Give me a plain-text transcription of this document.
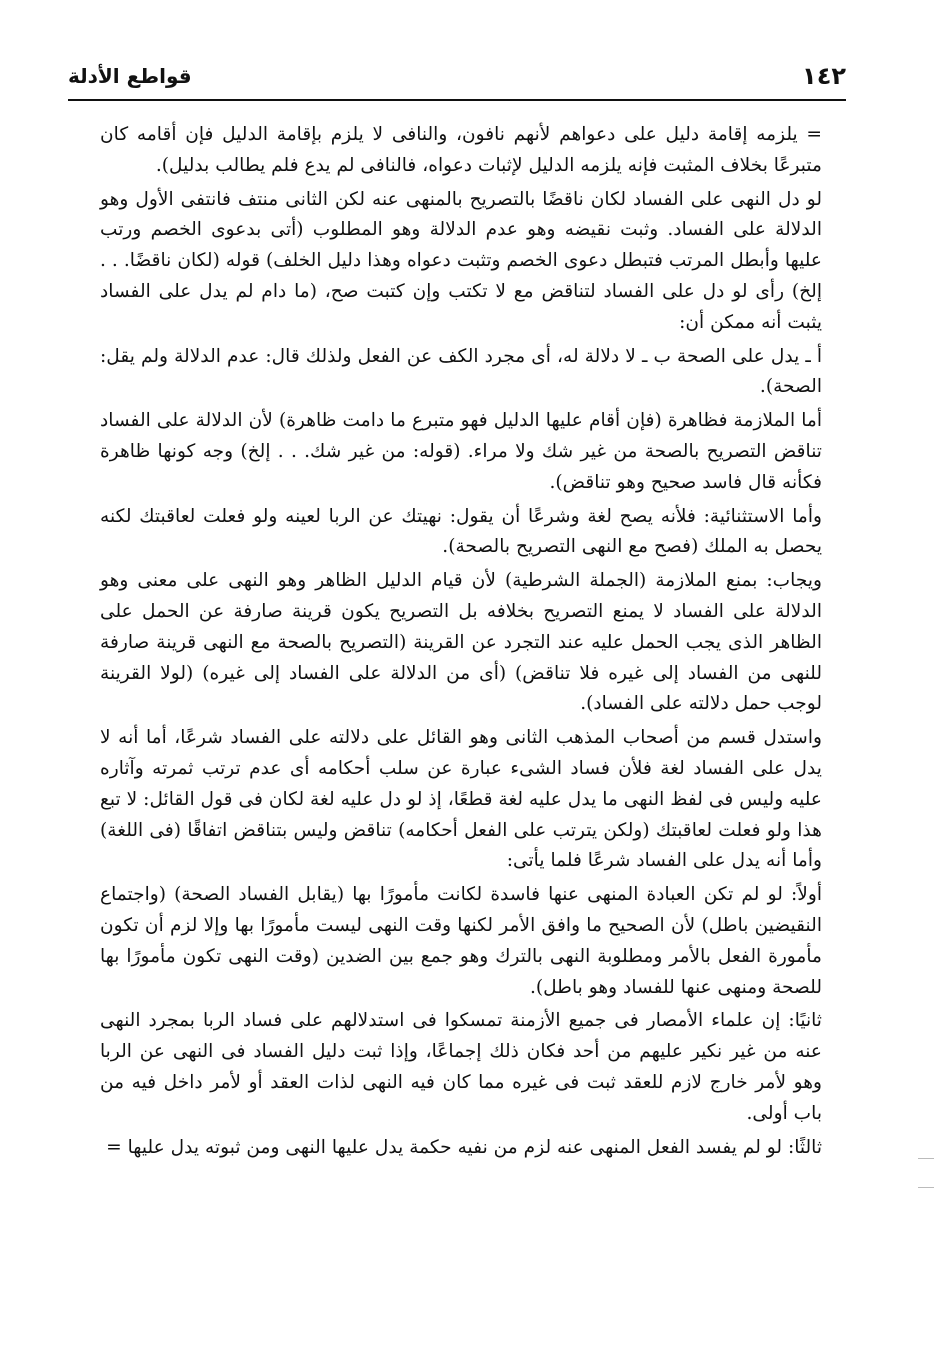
١٤٢
قواطع الأدلة

= يلزمه إقامة دليل على دعواهم لأنهم نافون، والنافى لا يلزم بإقامة الدليل فإن أقامه كان متبرعًا بخلاف المثبت فإنه يلزمه الدليل لإثبات دعواه، فالنافى لم يدع فلم يطالب بدليل).

لو دل النهى على الفساد لكان ناقضًا بالتصريح بالمنهى عنه لكن الثانى منتف فانتفى الأول وهو الدلالة على الفساد. وثبت نقيضه وهو عدم الدلالة وهو المطلوب (أتى بدعوى الخصم ورتب عليها وأبطل المرتب فتبطل دعوى الخصم وتثبت دعواه وهذا دليل الخلف) قوله (لكان ناقضًا. . . إلخ) رأى لو دل على الفساد لتناقض مع لا تكتب وإن كتبت صح، (ما دام لم يدل على الفساد يثبت أنه ممكن أن:

أ ـ يدل على الصحة ب ـ لا دلالة له، أى مجرد الكف عن الفعل ولذلك قال: عدم الدلالة ولم يقل: الصحة).

أما الملازمة فظاهرة (فإن أقام عليها الدليل فهو متبرع ما دامت ظاهرة) لأن الدلالة على الفساد تناقض التصريح بالصحة من غير شك ولا مراء. (قوله: من غير شك. . . إلخ) وجه كونها ظاهرة فكأنه قال فاسد صحيح وهو تناقض).

وأما الاستثنائية: فلأنه يصح لغة وشرعًا أن يقول: نهيتك عن الربا لعينه ولو فعلت لعاقبتك لكنه يحصل به الملك (فصح مع النهى التصريح بالصحة).

ويجاب: بمنع الملازمة (الجملة الشرطية) لأن قيام الدليل الظاهر وهو النهى على معنى وهو الدلالة على الفساد لا يمنع التصريح بخلافه بل التصريح يكون قرينة صارفة عن الحمل على الظاهر الذى يجب الحمل عليه عند التجرد عن القرينة (التصريح بالصحة مع النهى قرينة صارفة للنهى من الفساد إلى غيره فلا تناقض) (أى من الدلالة على الفساد إلى غيره) (لولا القرينة لوجب حمل دلالته على الفساد).

واستدل قسم من أصحاب المذهب الثانى وهو القائل على دلالته على الفساد شرعًا، أما أنه لا يدل على الفساد لغة فلأن فساد الشىء عبارة عن سلب أحكامه أى عدم ترتب ثمرته وآثاره عليه وليس فى لفظ النهى ما يدل عليه لغة قطعًا، إذ لو دل عليه لغة لكان فى قول القائل: لا تبع هذا ولو فعلت لعاقبتك (ولكن يترتب على الفعل أحكامه) تناقض وليس بتناقض اتفاقًا (فى اللغة) وأما أنه يدل على الفساد شرعًا فلما يأتى:

أولاً: لو لم تكن العبادة المنهى عنها فاسدة لكانت مأمورًا بها (يقابل الفساد الصحة) (واجتماع النقيضين باطل) لأن الصحيح ما وافق الأمر لكنها وقت النهى ليست مأمورًا بها وإلا لزم أن تكون مأمورة الفعل بالأمر ومطلوبة النهى بالترك وهو جمع بين الضدين (وقت النهى تكون مأمورًا بها للصحة ومنهى عنها للفساد وهو باطل).

ثانيًا: إن علماء الأمصار فى جميع الأزمنة تمسكوا فى استدلالهم على فساد الربا بمجرد النهى عنه من غير نكير عليهم من أحد فكان ذلك إجماعًا، وإذا ثبت دليل الفساد فى النهى عن الربا وهو لأمر خارج لازم للعقد ثبت فى غيره مما كان فيه النهى لذات العقد أو لأمر داخل فيه من باب أولى.

ثالثًا: لو لم يفسد الفعل المنهى عنه لزم من نفيه حكمة يدل عليها النهى ومن ثبوته يدل عليها =
